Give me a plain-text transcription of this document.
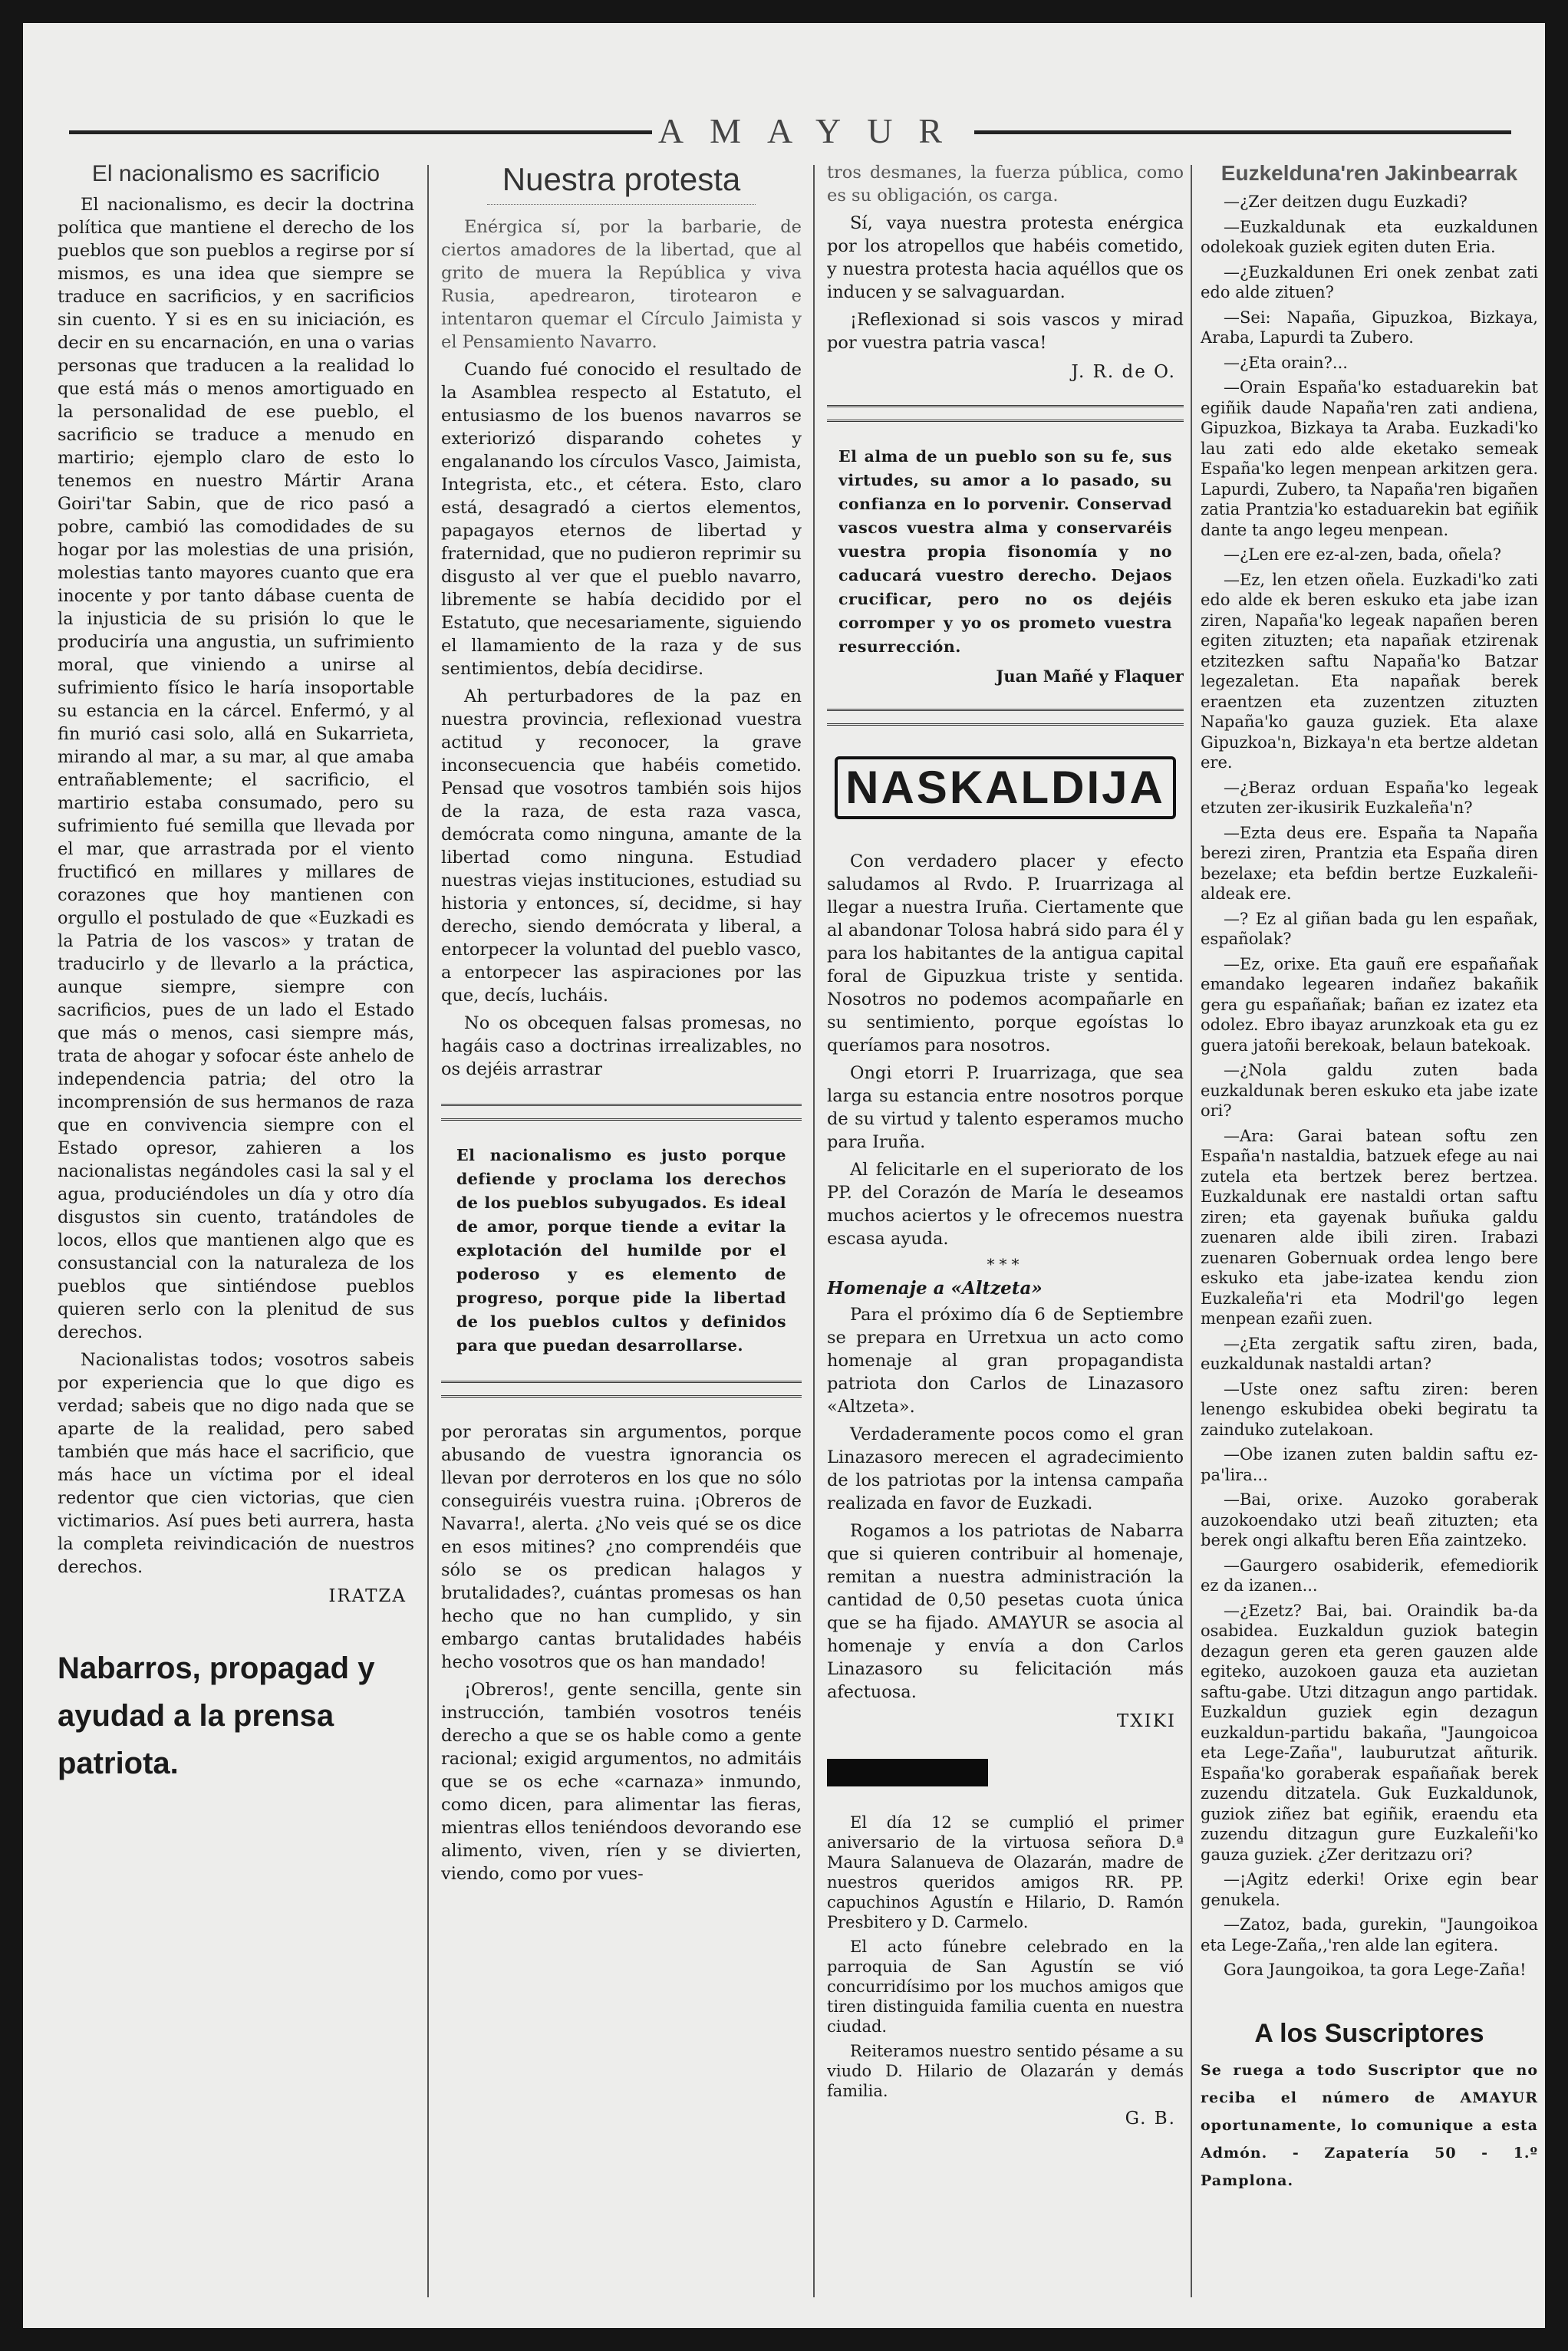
AMAYUR
El nacionalismo es sacrificio

El nacionalismo, es decir la doctrina política que mantiene el derecho de los pueblos que son pueblos a regirse por sí mismos, es una idea que siempre se traduce en sacrificios, y en sacrificios sin cuento. Y si es en su iniciación, es decir en su encarnación, en una o varias personas que traducen a la realidad lo que está más o menos amortiguado en la personalidad de ese pueblo, el sacrificio se traduce a menudo en martirio; ejemplo claro de esto lo tenemos en nuestro Mártir Arana Goiri'tar Sabin, que de rico pasó a pobre, cambió las comodidades de su hogar por las molestias de una prisión, molestias tanto mayores cuanto que era inocente y por tanto dábase cuenta de la injusticia de su prisión lo que le produciría una angustia, un sufrimiento moral, que viniendo a unirse al sufrimiento físico le haría insoportable su estancia en la cárcel. Enfermó, y al fin murió casi solo, allá en Sukarrieta, mirando al mar, a su mar, al que amaba entrañablemente; el sacrificio, el martirio estaba consumado, pero su sufrimiento fué semilla que llevada por el mar, que arrastrada por el viento fructificó en millares y millares de corazones que hoy mantienen con orgullo el postulado de que «Euzkadi es la Patria de los vascos» y tratan de traducirlo y de llevarlo a la práctica, aunque siempre, siempre con sacrificios, pues de un lado el Estado que más o menos, casi siempre más, trata de ahogar y sofocar éste anhelo de independencia patria; del otro la incomprensión de sus hermanos de raza que en convivencia siempre con el Estado opresor, zahieren a los nacionalistas negándoles casi la sal y el agua, produciéndoles un día y otro día disgustos sin cuento, tratándoles de locos, ellos que mantienen algo que es consustancial con la naturaleza de los pueblos que sintiéndose pueblos quieren serlo con la plenitud de sus derechos.

Nacionalistas todos; vosotros sabeis por experiencia que lo que digo es verdad; sabeis que no digo nada que se aparte de la realidad, pero sabed también que más hace el sacrificio, que más hace un víctima por el ideal redentor que cien victorias, que cien victimarios. Así pues beti aurrera, hasta la completa reivindicación de nuestros derechos.

IRATZA
Nabarros, propagad y ayudad a la prensa patriota.
Nuestra protesta

Enérgica sí, por la barbarie, de ciertos amadores de la libertad, que al grito de muera la República y viva Rusia, apedrearon, tirotearon e intentaron quemar el Círculo Jaimista y el Pensamiento Navarro.

Cuando fué conocido el resultado de la Asamblea respecto al Estatuto, el entusiasmo de los buenos navarros se exteriorizó disparando cohetes y engalanando los círculos Vasco, Jaimista, Integrista, etc., et cétera. Esto, claro está, desagradó a ciertos elementos, papagayos eternos de libertad y fraternidad, que no pudieron reprimir su disgusto al ver que el pueblo navarro, libremente se había decidido por el Estatuto, que necesariamente, siguiendo el llamamiento de la raza y de sus sentimientos, debía decidirse.

Ah perturbadores de la paz en nuestra provincia, reflexionad vuestra actitud y reconocer, la grave inconsecuencia que habéis cometido. Pensad que vosotros también sois hijos de la raza, de esta raza vasca, demócrata como ninguna, amante de la libertad como ninguna. Estudiad nuestras viejas instituciones, estudiad su historia y entonces, sí, decidme, si hay derecho, siendo demócrata y liberal, a entorpecer la voluntad del pueblo vasco, a entorpecer las aspiraciones por las que, decís, lucháis.

No os obcequen falsas promesas, no hagáis caso a doctrinas irrealizables, no os dejéis arrastrar

El nacionalismo es justo porque defiende y proclama los derechos de los pueblos subyugados. Es ideal de amor, porque tiende a evitar la explotación del humilde por el poderoso y es elemento de progreso, porque pide la libertad de los pueblos cultos y definidos para que puedan desarrollarse.

por peroratas sin argumentos, porque abusando de vuestra ignorancia os llevan por derroteros en los que no sólo conseguiréis vuestra ruina. ¡Obreros de Navarra!, alerta. ¿No veis qué se os dice en esos mitines? ¿no comprendéis que sólo se os predican halagos y brutalidades?, cuántas promesas os han hecho que no han cumplido, y sin embargo cantas brutalidades habéis hecho vosotros que os han mandado!

¡Obreros!, gente sencilla, gente sin instrucción, también vosotros tenéis derecho a que se os hable como a gente racional; exigid argumentos, no admitáis que se os eche «carnaza» inmundo, como dicen, para alimentar las fieras, mientras ellos teniéndoos devorando ese alimento, viven, ríen y se divierten, viendo, como por vues-

tros desmanes, la fuerza pública, como es su obligación, os carga.

Sí, vaya nuestra protesta enérgica por los atropellos que habéis cometido, y nuestra protesta hacia aquéllos que os inducen y se salvaguardan.

¡Reflexionad si sois vascos y mirad por vuestra patria vasca!

J. R. de O.
El alma de un pueblo son su fe, sus virtudes, su amor a lo pasado, su confianza en lo porvenir. Conservad vascos vuestra alma y conservaréis vuestra propia fisonomía y no caducará vuestro derecho. Dejaos crucificar, pero no os dejéis corromper y yo os prometo vuestra resurrección.
Juan Mañé y Flaquer
NASKALDIJA

Con verdadero placer y efecto saludamos al Rvdo. P. Iruarrizaga al llegar a nuestra Iruña. Ciertamente que al abandonar Tolosa habrá sido para él y para los habitantes de la antigua capital foral de Gipuzkua triste y sentida. Nosotros no podemos acompañarle en su sentimiento, porque egoístas lo queríamos para nosotros.

Ongi etorri P. Iruarrizaga, que sea larga su estancia entre nosotros porque de su virtud y talento esperamos mucho para Iruña.

Al felicitarle en el superiorato de los PP. del Corazón de María le deseamos muchos aciertos y le ofrecemos nuestra escasa ayuda.

***
Homenaje a «Altzeta»

Para el próximo día 6 de Septiembre se prepara en Urretxua un acto como homenaje al gran propagandista patriota don Carlos de Linazasoro «Altzeta».

Verdaderamente pocos como el gran Linazasoro merecen el agradecimiento de los patriotas por la intensa campaña realizada en favor de Euzkadi.

Rogamos a los patriotas de Nabarra que si quieren contribuir al homenaje, remitan a nuestra administración la cantidad de 0,50 pesetas cuota única que se ha fijado. AMAYUR se asocia al homenaje y envía a don Carlos Linazasoro su felicitación más afectuosa.

TXIKI

El día 12 se cumplió el primer aniversario de la virtuosa señora D.ª Maura Salanueva de Olazarán, madre de nuestros queridos amigos RR. PP. capuchinos Agustín e Hilario, D. Ramón Presbitero y D. Carmelo.

El acto fúnebre celebrado en la parroquia de San Agustín se vió concurridísimo por los muchos amigos que tiren distinguida familia cuenta en nuestra ciudad.

Reiteramos nuestro sentido pésame a su viudo D. Hilario de Olazarán y demás familia.

G. B.
Euzkelduna'ren Jakinbearrak

—¿Zer deitzen dugu Euzkadi?

—Euzkaldunak eta euzkaldunen odolekoak guziek egiten duten Eria.

—¿Euzkaldunen Eri onek zenbat zati edo alde zituen?

—Sei: Napaña, Gipuzkoa, Bizkaya, Araba, Lapurdi ta Zubero.

—¿Eta orain?...

—Orain España'ko estaduarekin bat egiñik daude Napaña'ren zati andiena, Gipuzkoa, Bizkaya ta Araba. Euzkadi'ko lau zati edo alde eketako semeak España'ko legen menpean arkitzen gera. Lapurdi, Zubero, ta Napaña'ren bigañen zatia Prantzia'ko estaduarekin bat egiñik dante ta ango legeu menpean.

—¿Len ere ez-al-zen, bada, oñela?

—Ez, len etzen oñela. Euzkadi'ko zati edo alde ek beren eskuko eta jabe izan ziren, Napaña'ko legeak napañen beren egiten zituzten; eta napañak etzirenak etzitezken saftu Napaña'ko Batzar legezaletan. Eta napañak berek eraentzen eta zuzentzen zituzten Napaña'ko gauza guziek. Eta alaxe Gipuzkoa'n, Bizkaya'n eta bertze aldetan ere.

—¿Beraz orduan España'ko legeak etzuten zer-ikusirik Euzkaleña'n?

—Ezta deus ere. España ta Napaña berezi ziren, Prantzia eta España diren bezelaxe; eta befdin bertze Euzkaleñi-aldeak ere.

—? Ez al giñan bada gu len españak, españolak?

—Ez, orixe. Eta gauñ ere españañak emandako legearen indañez bakañik gera gu españañak; bañan ez izatez eta odolez. Ebro ibayaz arunzkoak eta gu ez guera jatoñi berekoak, belaun batekoak.

—¿Nola galdu zuten bada euzkaldunak beren eskuko eta jabe izate ori?

—Ara: Garai batean softu zen España'n nastaldia, batzuek efege au nai zutela eta bertzek berez bertzea. Euzkaldunak ere nastaldi ortan saftu ziren; eta gayenak buñuka galdu zuenaren alde ibili ziren. Irabazi zuenaren Gobernuak ordea lengo bere eskuko eta jabe-izatea kendu zion Euzkaleña'ri eta Modril'go legen menpean ezañi zuen.

—¿Eta zergatik saftu ziren, bada, euzkaldunak nastaldi artan?

—Uste onez saftu ziren: beren lenengo eskubidea obeki begiratu ta zainduko zutelakoan.

—Obe izanen zuten baldin saftu ez-pa'lira...

—Bai, orixe. Auzoko goraberak auzokoendako utzi beañ zituzten; eta berek ongi alkaftu beren Eña zaintzeko.

—Gaurgero osabiderik, efemediorik ez da izanen...

—¿Ezetz? Bai, bai. Oraindik ba-da osabidea. Euzkaldun guziok bategin dezagun geren eta geren gauzen alde egiteko, auzokoen gauza eta auzietan saftu-gabe. Utzi ditzagun ango partidak. Euzkaldun guziek egin dezagun euzkaldun-partidu bakaña, "Jaungoicoa eta Lege-Zaña", lauburutzat añturik. España'ko goraberak españañak berek zuzendu ditzatela. Guk Euzkaldunok, guziok ziñez bat egiñik, eraendu eta zuzendu ditzagun gure Euzkaleñi'ko gauza guziek. ¿Zer deritzazu ori?

—¡Agitz ederki! Orixe egin bear genukela.

—Zatoz, bada, gurekin, "Jaungoikoa eta Lege-Zaña,,'ren alde lan egitera.

Gora Jaungoikoa, ta gora Lege-Zaña!

A los Suscriptores
Se ruega a todo Suscriptor que no reciba el número de AMAYUR oportunamente, lo comunique a esta Admón. - Zapatería 50 - 1.º Pamplona.
